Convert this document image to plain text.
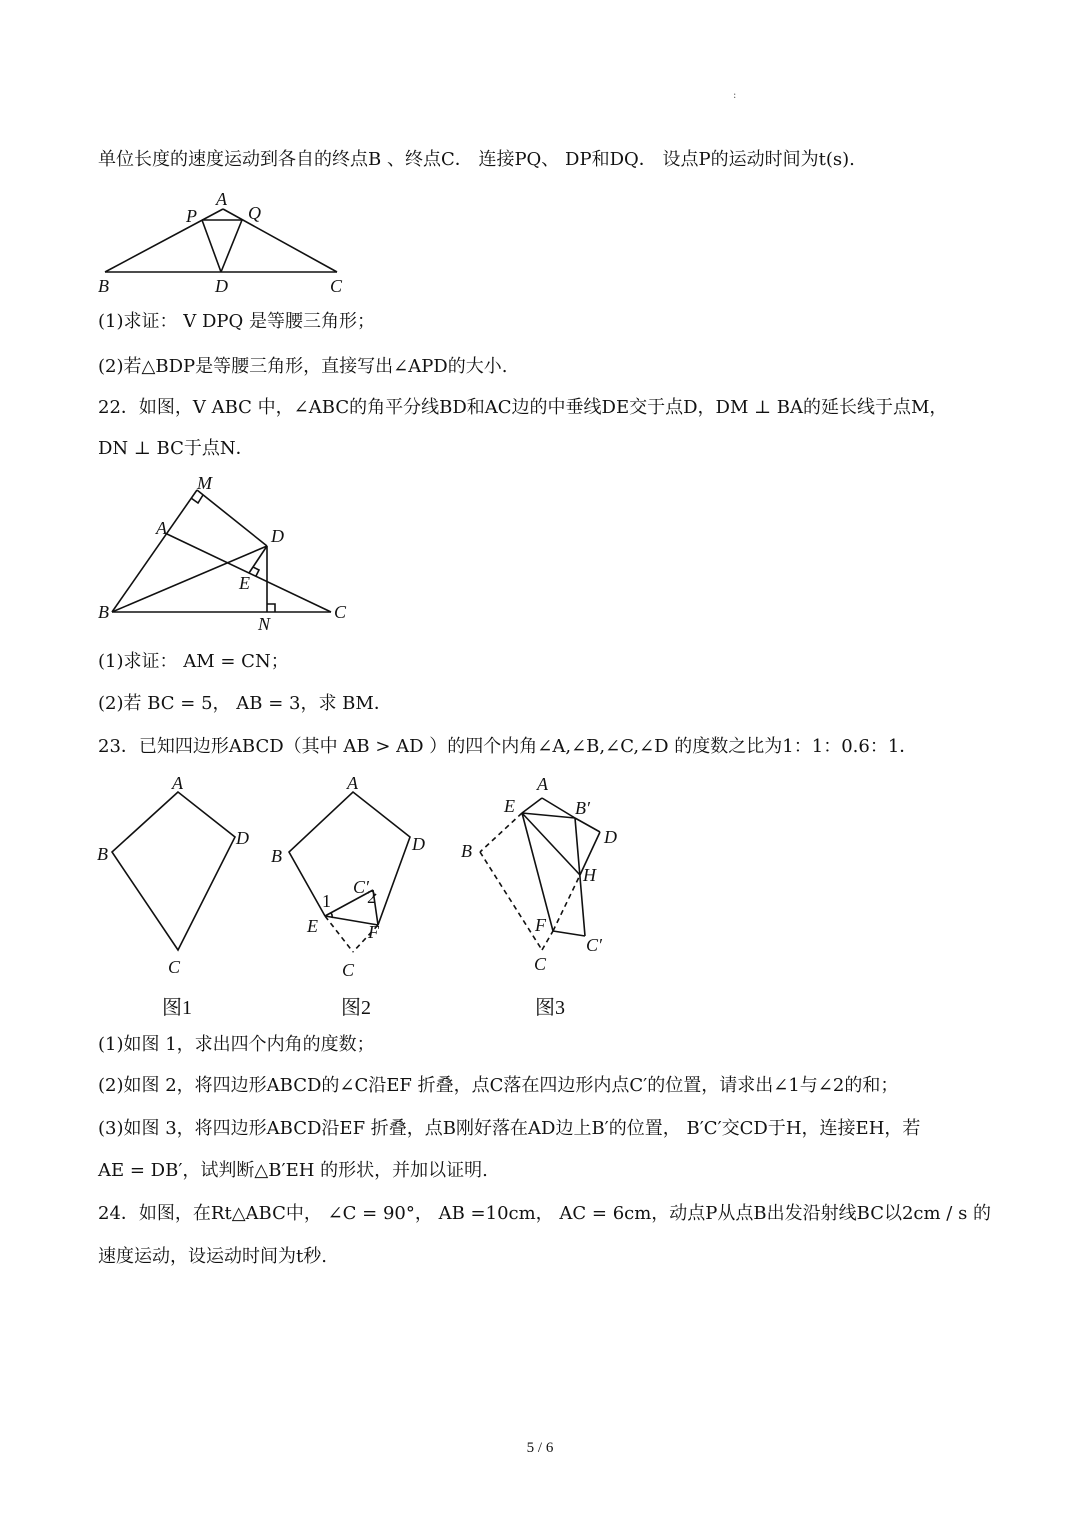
:
单位长度的速度运动到各自的终点B 、终点C． 连接PQ、 DP和DQ． 设点P的运动时间为t(s).
A
P	Q
B	D	C
(1)求证： V DPQ 是等腰三角形；
(2)若△BDP是等腰三角形，直接写出∠APD的大小.
22．如图，V ABC 中，∠ABC的角平分线BD和AC边的中垂线DE交于点D，DM ⊥ BA的延长线于点M，
DN ⊥ BC于点N．
M
A	D
E
B
N
C
(1)求证： AM = CN；
(2)若 BC = 5， AB = 3，求 BM．
23．已知四边形ABCD（其中 AB > AD ）的四个内角∠A,∠B,∠C,∠D 的度数之比为1：1：0.6：1．
A
B
C
D
图1
A
B
D
C′
2
1
E	F
C
图2
A
E	B′
D
B
H
F
C′
C
图3
(1)如图 1，求出四个内角的度数；
(2)如图 2，将四边形ABCD的∠C沿EF 折叠，点C落在四边形内点C′的位置，请求出∠1与∠2的和；
(3)如图 3，将四边形ABCD沿EF 折叠，点B刚好落在AD边上B′的位置， B′C′交CD于H，连接EH，若
AE = DB′，试判断△B′EH 的形状，并加以证明.
24．如图，在Rt△ABC中， ∠C = 90°， AB =10cm， AC = 6cm，动点P从点B出发沿射线BC以2cm / s 的
速度运动，设运动时间为t秒.
5 / 6
